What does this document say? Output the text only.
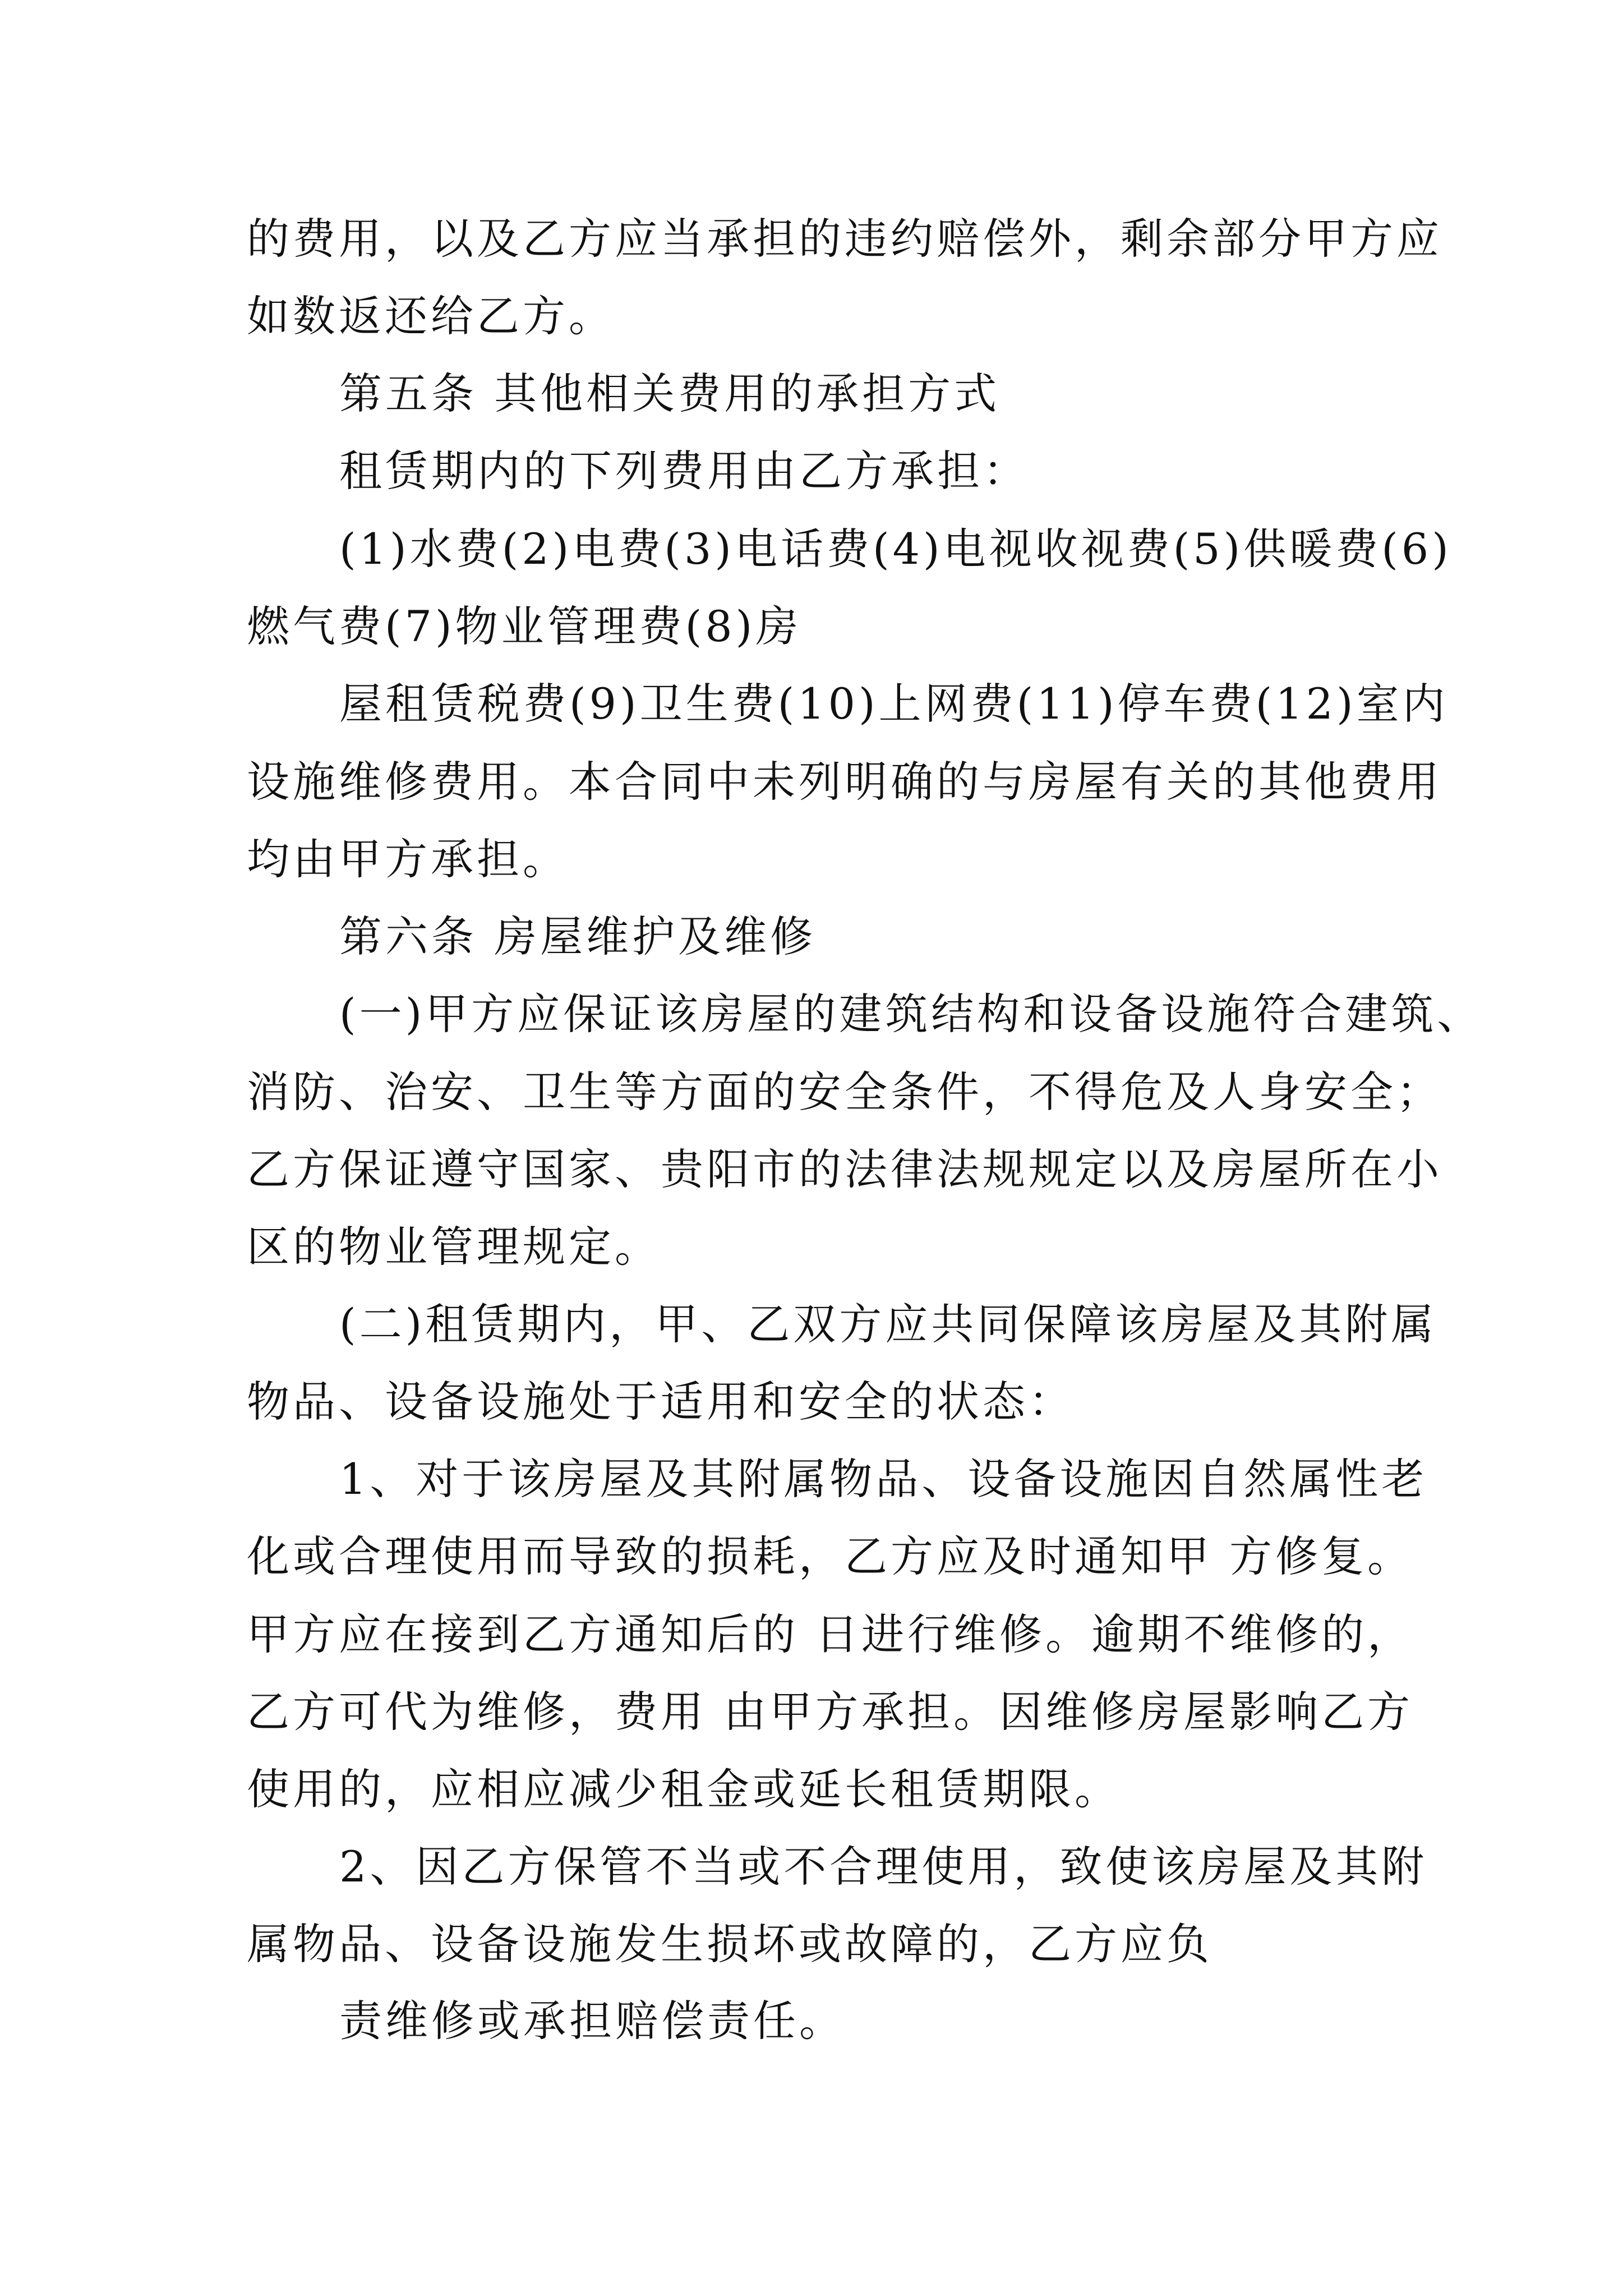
的费用，以及乙方应当承担的违约赔偿外，剩余部分甲方应
如数返还给乙方。
第五条 其他相关费用的承担方式
租赁期内的下列费用由乙方承担：
(1)水费(2)电费(3)电话费(4)电视收视费(5)供暖费(6)
燃气费(7)物业管理费(8)房
屋租赁税费(9)卫生费(10)上网费(11)停车费(12)室内
设施维修费用。本合同中未列明确的与房屋有关的其他费用
均由甲方承担。
第六条 房屋维护及维修
(一)甲方应保证该房屋的建筑结构和设备设施符合建筑、
消防、治安、卫生等方面的安全条件，不得危及人身安全；
乙方保证遵守国家、贵阳市的法律法规规定以及房屋所在小
区的物业管理规定。
(二)租赁期内，甲、乙双方应共同保障该房屋及其附属
物品、设备设施处于适用和安全的状态：
1、对于该房屋及其附属物品、设备设施因自然属性老
化或合理使用而导致的损耗，乙方应及时通知甲 方修复。
甲方应在接到乙方通知后的 日进行维修。逾期不维修的，
乙方可代为维修，费用 由甲方承担。因维修房屋影响乙方
使用的，应相应减少租金或延长租赁期限。
2、因乙方保管不当或不合理使用，致使该房屋及其附
属物品、设备设施发生损坏或故障的，乙方应负
责维修或承担赔偿责任。
